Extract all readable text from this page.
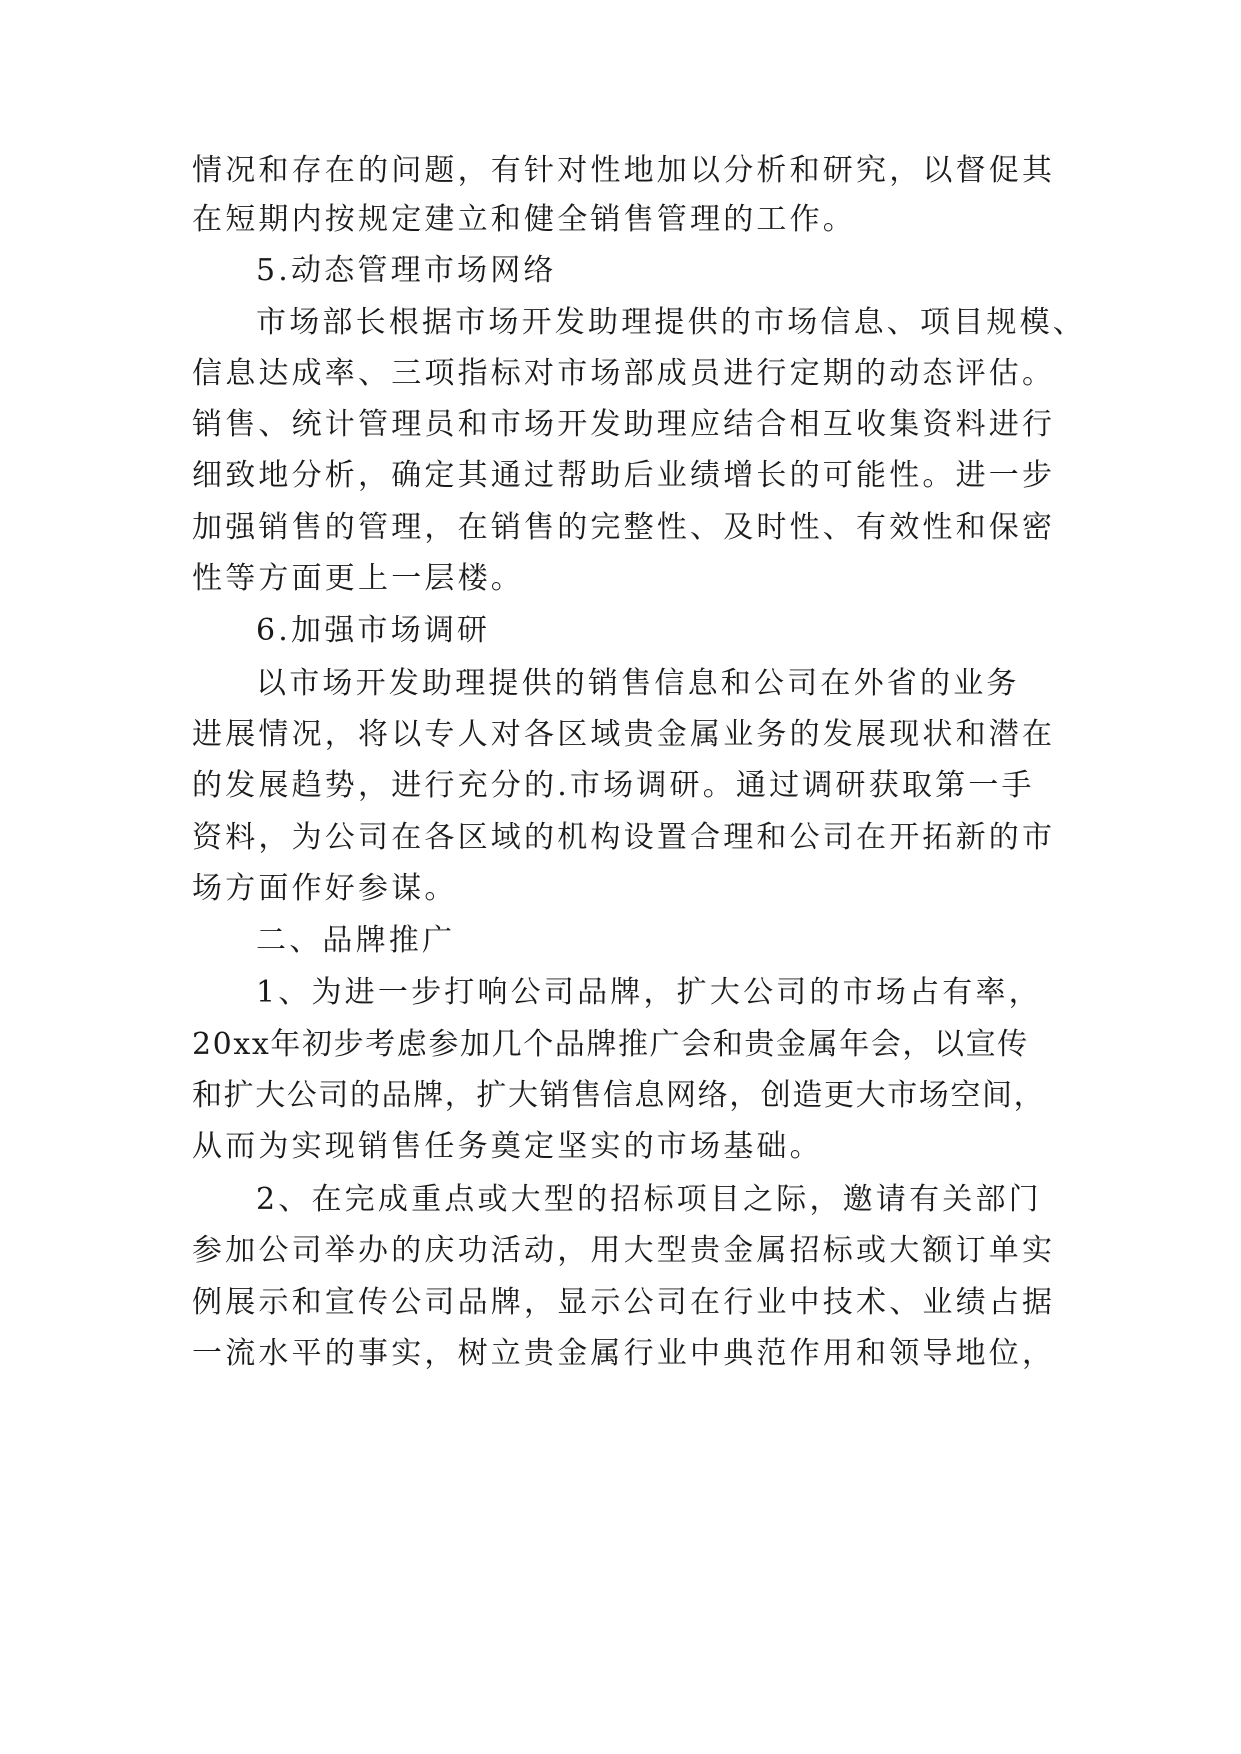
情况和存在的问题，有针对性地加以分析和研究，以督促其
在短期内按规定建立和健全销售管理的工作。
5.动态管理市场网络
市场部长根据市场开发助理提供的市场信息、项目规模、
信息达成率、三项指标对市场部成员进行定期的动态评估。
销售、统计管理员和市场开发助理应结合相互收集资料进行
细致地分析，确定其通过帮助后业绩增长的可能性。进一步
加强销售的管理，在销售的完整性、及时性、有效性和保密
性等方面更上一层楼。
6.加强市场调研
以市场开发助理提供的销售信息和公司在外省的业务
进展情况，将以专人对各区域贵金属业务的发展现状和潜在
的发展趋势，进行充分的.市场调研。通过调研获取第一手
资料，为公司在各区域的机构设置合理和公司在开拓新的市
场方面作好参谋。
二、品牌推广
1、为进一步打响公司品牌，扩大公司的市场占有率，
20xx年初步考虑参加几个品牌推广会和贵金属年会，以宣传
和扩大公司的品牌，扩大销售信息网络，创造更大市场空间，
从而为实现销售任务奠定坚实的市场基础。
2、在完成重点或大型的招标项目之际，邀请有关部门
参加公司举办的庆功活动，用大型贵金属招标或大额订单实
例展示和宣传公司品牌，显示公司在行业中技术、业绩占据
一流水平的事实，树立贵金属行业中典范作用和领导地位，
